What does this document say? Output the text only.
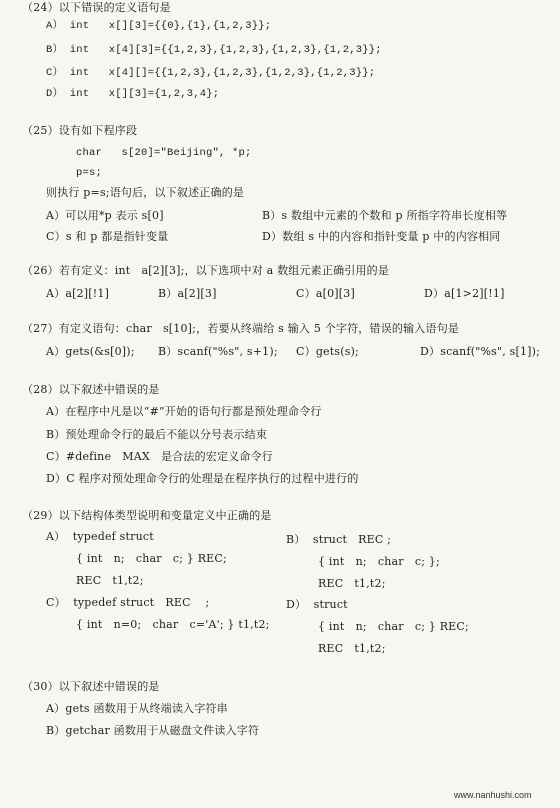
（24）以下错误的定义语句是
A） int   x[][3]={{0},{1},{1,2,3}};
B） int   x[4][3]={{1,2,3},{1,2,3},{1,2,3},{1,2,3}};
C） int   x[4][]={{1,2,3},{1,2,3},{1,2,3},{1,2,3}};
D） int   x[][3]={1,2,3,4};
（25）设有如下程序段
char   s[20]="Beijing", *p;
p=s;
则执行 p=s;语句后，以下叙述正确的是
A）可以用*p 表示 s[0]	B）s 数组中元素的个数和 p 所指字符串长度相等
C）s 和 p 都是指针变量	D）数组 s 中的内容和指针变量 p 中的内容相同
（26）若有定义：int   a[2][3];，以下选项中对 a 数组元素正确引用的是
A）a[2][!1]	B）a[2][3]	C）a[0][3]	D）a[1>2][!1]
（27）有定义语句：char   s[10];，若要从终端给 s 输入 5 个字符，错误的输入语句是
A）gets(&s[0]); B）scanf("%s", s+1); C）gets(s);	D）scanf("%s", s[1]);
（28）以下叙述中错误的是
A）在程序中凡是以“#”开始的语句行都是预处理命令行
B）预处理命令行的最后不能以分号表示结束
C）#define   MAX   是合法的宏定义命令行
D）C 程序对预处理命令行的处理是在程序执行的过程中进行的
（29）以下结构体类型说明和变量定义中正确的是
A）  typedef struct
{ int   n;   char   c; } REC;
REC   t1,t2;
B）  struct   REC ;
{ int   n;   char   c; };
REC   t1,t2;
C）  typedef struct   REC    ;
{ int   n=0;   char   c='A'; } t1,t2;
D）  struct
{ int   n;   char   c; } REC;
REC   t1,t2;
（30）以下叙述中错误的是
A）gets 函数用于从终端读入字符串
B）getchar 函数用于从磁盘文件读入字符
www.nanhushi.com
